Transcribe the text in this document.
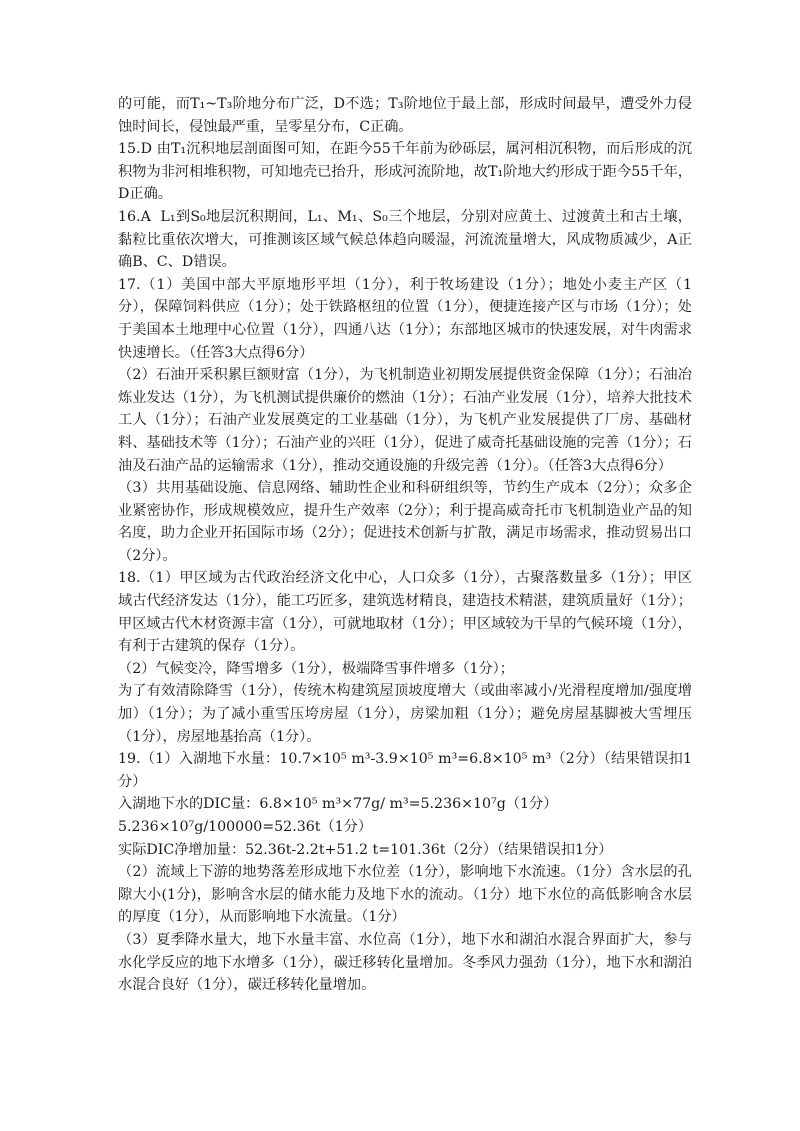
的可能，而T₁~T₃阶地分布广泛，D不选；T₃阶地位于最上部，形成时间最早，遭受外力侵蚀时间长，侵蚀最严重，呈零星分布，C正确。
15.D 由T₁沉积地层剖面图可知，在距今55千年前为砂砾层，属河相沉积物，而后形成的沉积物为非河相堆积物，可知地壳已抬升，形成河流阶地，故T₁阶地大约形成于距今55千年，D正确。
16.A  L₁到S₀地层沉积期间，L₁、M₁、S₀三个地层，分别对应黄土、过渡黄土和古土壤，黏粒比重依次增大，可推测该区域气候总体趋向暖湿，河流流量增大，风成物质减少，A正确B、C、D错误。
17.（1）美国中部大平原地形平坦（1分），利于牧场建设（1分）；地处小麦主产区（1分），保障饲料供应（1分）；处于铁路枢纽的位置（1分），便捷连接产区与市场（1分）；处于美国本土地理中心位置（1分），四通八达（1分）；东部地区城市的快速发展，对牛肉需求快速增长。（任答3大点得6分）
（2）石油开采积累巨额财富（1分），为飞机制造业初期发展提供资金保障（1分）；石油冶炼业发达（1分），为飞机测试提供廉价的燃油（1分）；石油产业发展（1分），培养大批技术工人（1分）；石油产业发展奠定的工业基础（1分），为飞机产业发展提供了厂房、基础材料、基础技术等（1分）；石油产业的兴旺（1分），促进了威奇托基础设施的完善（1分）；石油及石油产品的运输需求（1分），推动交通设施的升级完善（1分）。（任答3大点得6分）
（3）共用基础设施、信息网络、辅助性企业和科研组织等，节约生产成本（2分）；众多企业紧密协作，形成规模效应，提升生产效率（2分）；利于提高威奇托市飞机制造业产品的知名度，助力企业开拓国际市场（2分）；促进技术创新与扩散，满足市场需求，推动贸易出口（2分）。
18.（1）甲区域为古代政治经济文化中心，人口众多（1分），古聚落数量多（1分）；甲区域古代经济发达（1分），能工巧匠多，建筑选材精良，建造技术精湛，建筑质量好（1分）；甲区域古代木材资源丰富（1分），可就地取材（1分）；甲区域较为干旱的气候环境（1分），有利于古建筑的保存（1分）。
（2）气候变冷，降雪增多（1分），极端降雪事件增多（1分）；
为了有效清除降雪（1分），传统木构建筑屋顶坡度增大（或曲率减小/光滑程度增加/强度增加）（1分）；为了减小重雪压垮房屋（1分），房梁加粗（1分）；避免房屋基脚被大雪埋压（1分），房屋地基抬高（1分）。
19.（1）入湖地下水量：10.7×10⁵ m³-3.9×10⁵ m³=6.8×10⁵ m³（2分）（结果错误扣1分）
入湖地下水的DIC量：6.8×10⁵ m³×77g/ m³=5.236×10⁷g（1分）
5.236×10⁷g/100000=52.36t（1分）
实际DIC净增加量：52.36t-2.2t+51.2 t=101.36t（2分）（结果错误扣1分）
（2）流域上下游的地势落差形成地下水位差（1分），影响地下水流速。（1分）含水层的孔隙大小(1分)，影响含水层的储水能力及地下水的流动。（1分）地下水位的高低影响含水层的厚度（1分），从而影响地下水流量。（1分）
（3）夏季降水量大，地下水量丰富、水位高（1分），地下水和湖泊水混合界面扩大，参与水化学反应的地下水增多（1分），碳迁移转化量增加。冬季风力强劲（1分），地下水和湖泊水混合良好（1分），碳迁移转化量增加。
